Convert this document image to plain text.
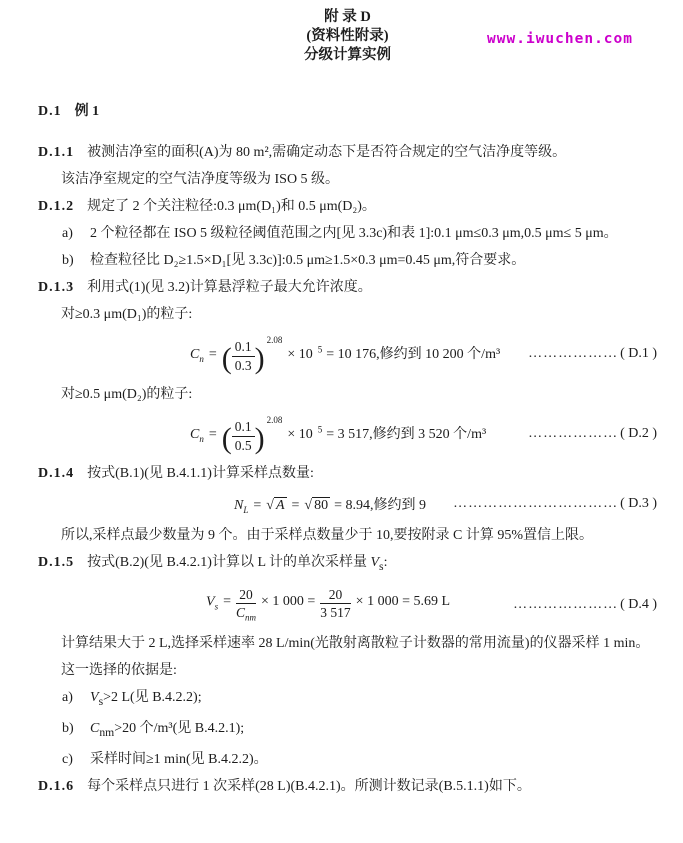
www.iwuchen.com

附 录 D

(资料性附录)

分级计算实例

D.1 例 1

D.1.1 被测洁净室的面积(A)为 80 m²,需确定动态下是否符合规定的空气洁净度等级。

该洁净室规定的空气洁净度等级为 ISO 5 级。

D.1.2 规定了 2 个关注粒径:0.3 μm(D₁)和 0.5 μm(D₂)。

a) 2 个粒径都在 ISO 5 级粒径阈值范围之内[见 3.3c)和表 1]:0.1 μm≤0.3 μm,0.5 μm≤ 5 μm。

b) 检查粒径比 D₂≥1.5×D₁[见 3.3c)]:0.5 μm≥1.5×0.3 μm=0.45 μm,符合要求。

D.1.3 利用式(1)(见 3.2)计算悬浮粒子最大允许浓度。

对≥0.3 μm(D₁)的粒子:

$C_n$ = ( $\frac{0.1}{0.3} )^{2.08}\times 10$ $^5$ = 10 176,修约到 10 200 个/m³	……………… ( D.1 )

对≥0.5 μm(D₂)的粒子:

$C_n$ = ( $\frac{0.1}{0.5} )^{2.08}\times 10$ $^5$ = 3 517,修约到 3 520 个/m³	……………… ( D.2 )

D.1.4 按式(B.1)(见 B.4.1.1)计算采样点数量:

$N_L$ = √ A = √ 80 = 8.94,修约到 9	…………………………… ( D.3 )

所以,采样点最少数量为 9 个。由于采样点数量少于 10,要按附录 C 计算 95%置信上限。

D.1.5 按式(B.2)(见 B.4.2.1)计算以 L 计的单次采样量 $V_s$:

$V_s = \frac{20}{C_{nm}} \times 1$ $000 = \frac{20}{3 517} \times 1$ 000 = 5.69 L	………………… ( D.4 )

计算结果大于 2 L,选择采样速率 28 L/min(光散射离散粒子计数器的常用流量)的仪器采样 1 min。

这一选择的依据是:

a) $V_s>2$ L(见 B.4.2.2);

b) $C_{nm}>20$ 个/m³(见 B.4.2.1);

c) 采样时间≥1 min(见 B.4.2.2)。

D.1.6 每个采样点只进行 1 次采样(28 L)(B.4.2.1)。所测计数记录(B.5.1.1)如下。
